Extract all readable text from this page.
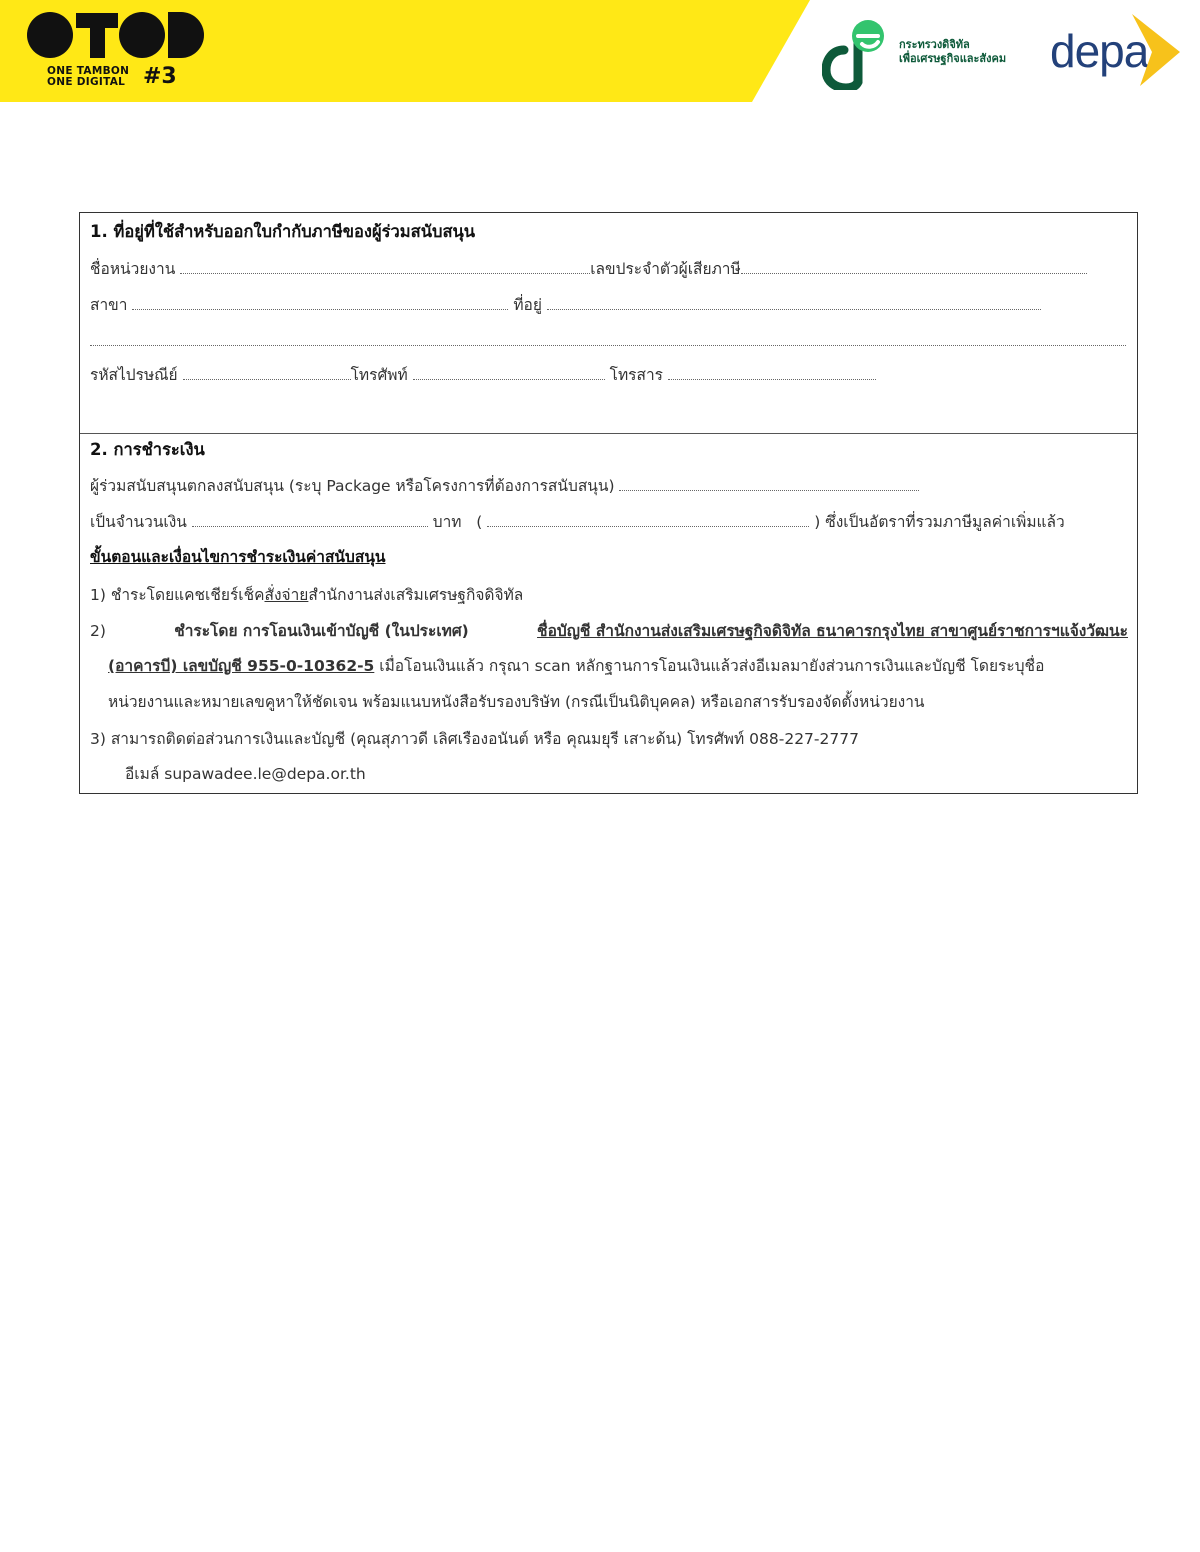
ONE TAMBON
ONE DIGITAL #3
กระทรวงดิจิทัล
เพื่อเศรษฐกิจและสังคม depa
1. ที่อยู่ที่ใช้สำหรับออกใบกำกับภาษีของผู้ร่วมสนับสนุน
ชื่อหน่วยงาน	เลขประจำตัวผู้เสียภาษี
สาขา	ที่อยู่
รหัสไปรษณีย์	โทรศัพท์	โทรสาร
2. การชำระเงิน
ผู้ร่วมสนับสนุนตกลงสนับสนุน (ระบุ Package หรือโครงการที่ต้องการสนับสนุน)
เป็นจำนวนเงิน	บาท (	) ซึ่งเป็นอัตราที่รวมภาษีมูลค่าเพิ่มแล้ว
ขั้นตอนและเงื่อนไขการชำระเงินค่าสนับสนุน
1) ชำระโดยแคชเชียร์เช็คสั่งจ่ายสำนักงานส่งเสริมเศรษฐกิจดิจิทัล
2)	ชำระโดย การโอนเงินเข้าบัญชี (ในประเทศ)	ชื่อบัญชี สำนักงานส่งเสริมเศรษฐกิจดิจิทัล ธนาคารกรุงไทย สาขาศูนย์ราชการฯแจ้งวัฒนะ
(อาคารบี) เลขบัญชี 955-0-10362-5 เมื่อโอนเงินแล้ว กรุณา scan หลักฐานการโอนเงินแล้วส่งอีเมลมายังส่วนการเงินและบัญชี โดยระบุชื่อ
หน่วยงานและหมายเลขคูหาให้ชัดเจน พร้อมแนบหนังสือรับรองบริษัท (กรณีเป็นนิติบุคคล) หรือเอกสารรับรองจัดตั้งหน่วยงาน
3) สามารถติดต่อส่วนการเงินและบัญชี (คุณสุภาวดี เลิศเรืองอนันต์ หรือ คุณมยุรี เสาะด้น) โทรศัพท์ 088-227-2777
อีเมล์ supawadee.le@depa.or.th
